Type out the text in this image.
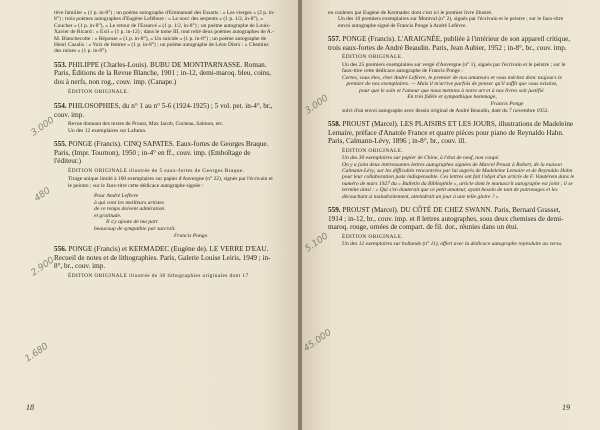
rêve familier » (1 p. in-8°) ; un poème autographe d'Emmanuel des Essarts : « Les vierges » (2 p. in-8°) ; trois poèmes autographes d'Eugène Lefébure : « Le nocc des serpents » (1 p. 1/2, in-8°), « Coucher » (1 p. in-8°), « Le retour de l'Essarcé » (1 p. 1/2, in-8°) ; un poème autographe de Louis-Xavier de Ricard : « Exil » (1 p. in-12) ; dans le tome III, tout relié deux poèmes autographes de A.-M. Blanchecotte : « Réponse » (1 p. in-8°), « Un suicide » (1 p. in-8°) ; un poème autographe de Henri Cazalis : « Voix de femme » (1 p. in-8°) ; un poème autographe de Léon Dierx : « Chemins des ruines » (1 p. in-8°).

553. PHILIPPE (Charles-Louis). BUBU DE MONTPARNASSE. Roman. Paris, Éditions de la Revue Blanche, 1901 ; in-12, demi-maroq. bleu, coins, dos à nerfs, non rog., couv. imp. (Canape.)

ÉDITION ORIGINALE.

554. PHILOSOPHIES, du n° 1 au n° 5-6 (1924-1925) ; 5 vol. pet. in-4°, br., couv. imp.

Revue donnant des textes de Proust, Max Jacob, Cocteau, Salmon, etc.

Un des 12 exemplaires sur Lafuma.

555. PONGE (Francis). CINQ SAPATES. Eaux-fortes de Georges Braque. Paris, (Impr. Tournon), 1950 ; in-4° en ff., couv. imp. (Emboîtage de l'éditeur.)

ÉDITION ORIGINALE illustrée de 5 eaux-fortes de Georges Braque.

Tirage unique limité à 100 exemplaires sur papier d'Auvergne (n° 22), signés par l'écrivain et le peintre ; sur le faux-titre cette dédicace autographe signée :

Pour André Lefèvre

à qui vont les meilleurs artistes

de ce temps doivent admiration

et gratitude.

Il s'y ajoute de ma part

beaucoup de sympathie par surcroît.

Francis Ponge.

556. PONGE (Francis) et KERMADEC (Eugène de). LE VERRE D'EAU. Recueil de notes et de lithographies. Paris, Galerie Louise Leiris, 1949 ; in-8°, br., couv. imp.

ÉDITION ORIGINALE illustrée de 30 lithographies originales dont 17

3.000
480
2.900
1.680
18

en couleurs par Eugène de Kermadec dont c'est ici le premier livre illustré.

Un des 10 premiers exemplaires sur Montval (n° 2), signés par l'écrivain et le peintre ; sur le faux-titre envoi autographe signé de Francis Ponge à André Lefèvre.

557. PONGE (Francis). L'ARAIGNÉE, publiée à l'intérieur de son appareil critique, trois eaux-fortes de André Beaudin. Paris, Jean Aubier, 1952 ; in-8°, br., couv. imp.

ÉDITION ORIGINALE.

Un des 25 premiers exemplaires sur vergé d'Auvergne (n° 1), signés par l'écrivain et le peintre ; sur le faux-titre cette dédicace autographe de Francis Ponge :

Certes, vous êtes, cher André Lefèvre, le premier de nos amateurs et vous méritez donc toujours le premier de nos exemplaires. — Mais il m'arrive parfois de penser qu'il suffit que vous existiez, pour que le soin et l'amour que nous mettons à notre art et à nos livres soit justifié.

En très fidèle et sympathique hommage,

Francis Ponge

suivi d'un envoi autographe avec dessin original de André Beaudin, daté du 7 novembre 1952.

558. PROUST (Marcel). LES PLAISIRS ET LES JOURS, illustrations de Madeleine Lemaire, préface d'Anatole France et quatre pièces pour piano de Reynaldo Hahn. Paris, Calmann-Lévy, 1896 ; in-8°, br., couv. ill.

ÉDITION ORIGINALE.

Un des 30 exemplaires sur papier de Chine, à l'état de neuf, non coupé.

On y a joint deux intéressantes lettres autographes signées de Marcel Proust à Robert, de la maison Calmann-Lévy, sur les difficultés rencontrées par lui auprès de Madeleine Lemaire et de Reynaldo Hahn pour leur collaboration juste indispensable. Ces lettres ont fait l'objet d'un article de F. Vandérem dans le numéro de mars 1927 du « Bulletin du Bibliophile », article dont le manuscrit autographe est joint ; il se termine ainsi : « Qui s'en douterait que ce petit amateur, ayant besoin de tant de patronages et les découchant si maladroitement, atteindrait un jour à une telle gloire ? »

559. PROUST (Marcel). DU CÔTÉ DE CHEZ SWANN. Paris, Bernard Grasset, 1914 ; in-12, br., couv. imp. et 8 lettres autographes, sous deux chemises de demi-maroq. rouge, ornées de compart. de fil. dor., réunies dans un étui.

ÉDITION ORIGINALE.

Un des 12 exemplaires sur hollande (n° 11), offert avec la dédicace autographe reproduite au verso.

3.000
5.100
45.000
19
